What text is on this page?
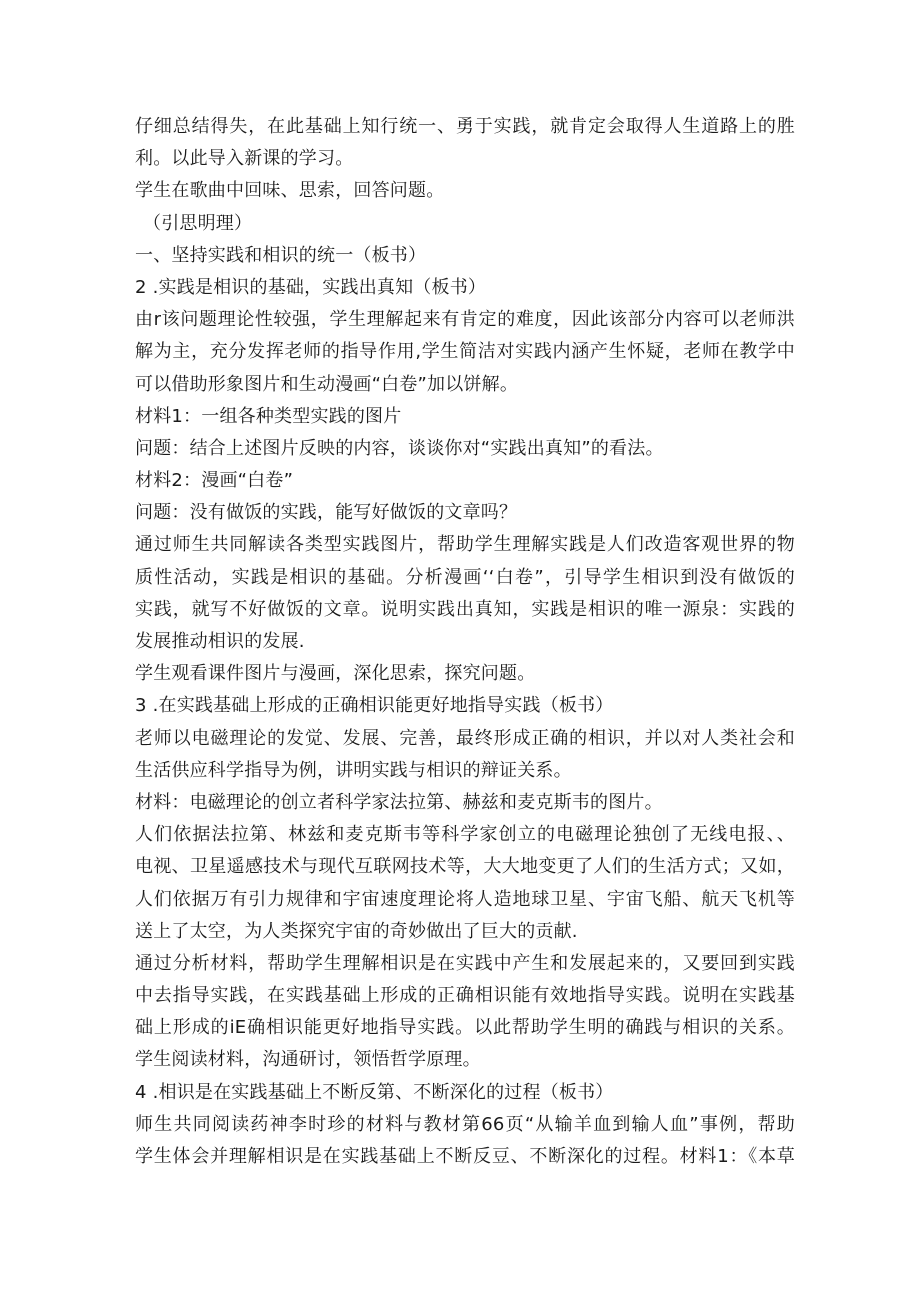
仔细总结得失，在此基础上知行统一、勇于实践，就肯定会取得人生道路上的胜
利。以此导入新课的学习。
学生在歌曲中回味、思索，回答问题。
（引思明理）
一、坚持实践和相识的统一（板书）
2 .实践是相识的基础，实践出真知（板书）
由r该问题理论性较强，学生理解起来有肯定的难度，因此该部分内容可以老师洪
解为主，充分发挥老师的指导作用,学生简洁对实践内涵产生怀疑，老师在教学中
可以借助形象图片和生动漫画“白卷”加以饼解。
材料1：一组各种类型实践的图片
问题：结合上述图片反映的内容，谈谈你对“实践出真知”的看法。
材料2：漫画“白卷”
问题：没有做饭的实践，能写好做饭的文章吗？
通过师生共同解读各类型实践图片，帮助学生理解实践是人们改造客观世界的物
质性活动，实践是相识的基础。分析漫画‘‘白卷”，引导学生相识到没有做饭的
实践，就写不好做饭的文章。说明实践出真知，实践是相识的唯一源泉：实践的
发展推动相识的发展.
学生观看课件图片与漫画，深化思索，探究问题。
3 .在实践基础上形成的正确相识能更好地指导实践（板书）
老师以电磁理论的发觉、发展、完善，最终形成正确的相识，并以对人类社会和
生活供应科学指导为例，讲明实践与相识的辩证关系。
材料：电磁理论的创立者科学家法拉第、赫兹和麦克斯韦的图片。
人们依据法拉第、林兹和麦克斯韦等科学家创立的电磁理论独创了无线电报、、
电视、卫星遥感技术与现代互联网技术等，大大地变更了人们的生活方式；又如，
人们依据万有引力规律和宇宙速度理论将人造地球卫星、宇宙飞船、航天飞机等
送上了太空，为人类探究宇宙的奇妙做出了巨大的贡献.
通过分析材料，帮助学生理解相识是在实践中产生和发展起来的，又要回到实践
中去指导实践，在实践基础上形成的正确相识能有效地指导实践。说明在实践基
础上形成的iE确相识能更好地指导实践。以此帮助学生明的确践与相识的关系。
学生阅读材料，沟通研讨，领悟哲学原理。
4 .相识是在实践基础上不断反第、不断深化的过程（板书）
师生共同阅读药神李时珍的材料与教材第66页“从输羊血到输人血”事例，帮助
学生体会并理解相识是在实践基础上不断反豆、不断深化的过程。材料1：《本草
